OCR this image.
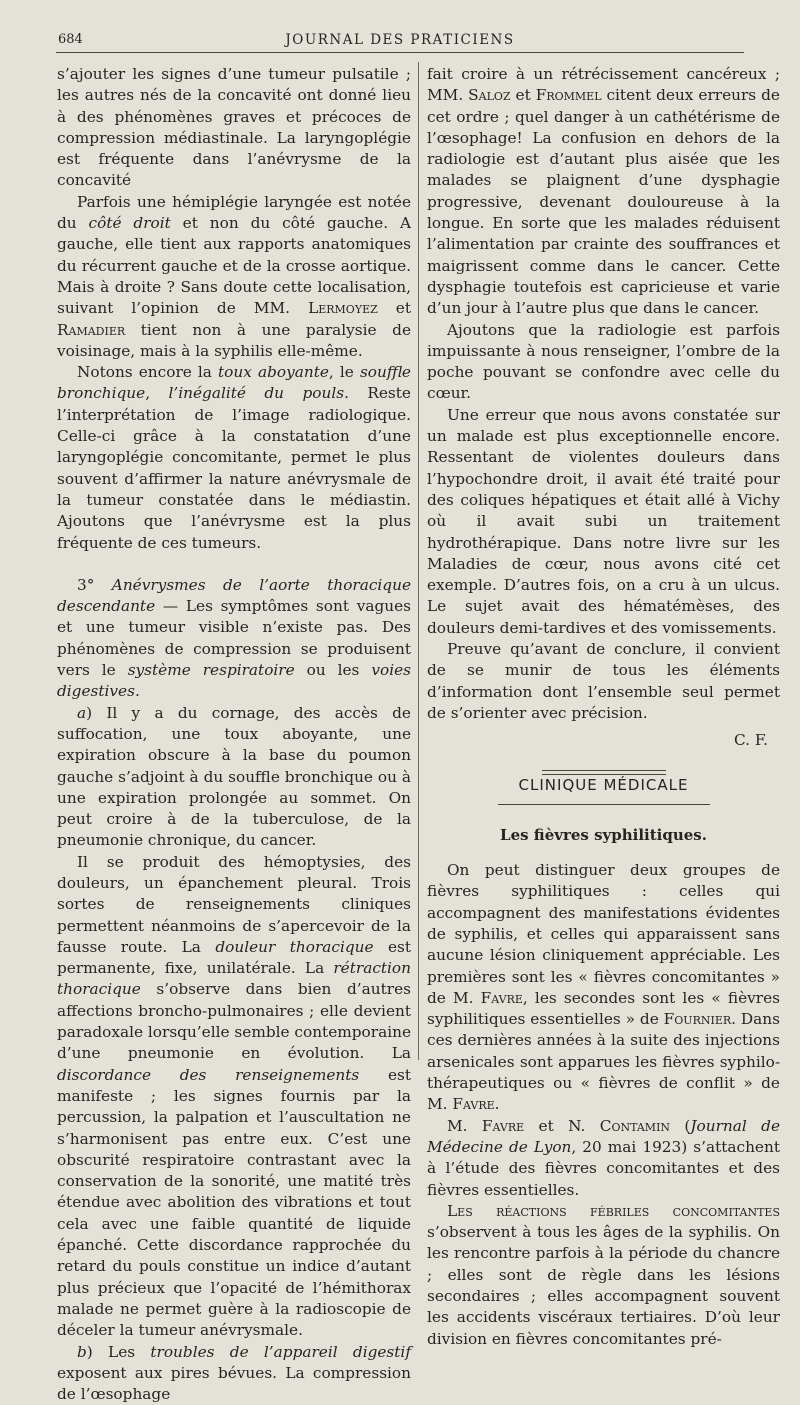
684	JOURNAL DES PRATICIENS

s’ajouter les signes d’une tumeur pulsatile ; les autres nés de la concavité ont donné lieu à des phénomènes graves et précoces de compression médiastinale. La laryngoplégie est fréquente dans l’anévrysme de la concavité

Parfois une hémiplégie laryngée est notée du côté droit et non du côté gauche. A gauche, elle tient aux rapports anatomiques du récurrent gauche et de la crosse aortique. Mais à droite ? Sans doute cette localisation, suivant l’opinion de MM. Lermoyez et Ramadier tient non à une paralysie de voisinage, mais à la syphilis elle-même.

Notons encore la toux aboyante, le souffle bronchique, l’inégalité du pouls. Reste l’interprétation de l’image radiologique. Celle-ci grâce à la constatation d’une laryngoplégie concomitante, permet le plus souvent d’affirmer la nature anévrysmale de la tumeur constatée dans le médiastin. Ajoutons que l’anévrysme est la plus fréquente de ces tumeurs.

3° Anévrysmes de l’aorte thoracique descendante — Les symptômes sont vagues et une tumeur visible n’existe pas. Des phénomènes de compression se produisent vers le système respiratoire ou les voies digestives.

a) Il y a du cornage, des accès de suffocation, une toux aboyante, une expiration obscure à la base du poumon gauche s’adjoint à du souffle bronchique ou à une expiration prolongée au sommet. On peut croire à de la tuberculose, de la pneumonie chronique, du cancer.

Il se produit des hémoptysies, des douleurs, un épanchement pleural. Trois sortes de renseignements cliniques permettent néanmoins de s’apercevoir de la fausse route. La douleur thoracique est permanente, fixe, unilatérale. La rétraction thoracique s’observe dans bien d’autres affections broncho-pulmonaires ; elle devient paradoxale lorsqu’elle semble contemporaine d’une pneumonie en évolution. La discordance des renseignements est manifeste ; les signes fournis par la percussion, la palpation et l’auscultation ne s’harmonisent pas entre eux. C’est une obscurité respiratoire contrastant avec la conservation de la sonorité, une matité très étendue avec abolition des vibrations et tout cela avec une faible quantité de liquide épanché. Cette discordance rapprochée du retard du pouls constitue un indice d’autant plus précieux que l’opacité de l’hémithorax malade ne permet guère à la radioscopie de déceler la tumeur anévrysmale.

b) Les troubles de l’appareil digestif exposent aux pires bévues. La compression de l’œsophage

fait croire à un rétrécissement cancéreux ; MM. Saloz et Frommel citent deux erreurs de cet ordre ; quel danger à un cathétérisme de l’œsophage! La confusion en dehors de la radiologie est d’autant plus aisée que les malades se plaignent d’une dysphagie progressive, devenant douloureuse à la longue. En sorte que les malades réduisent l’alimentation par crainte des souffrances et maigrissent comme dans le cancer. Cette dysphagie toutefois est capricieuse et varie d’un jour à l’autre plus que dans le cancer.

Ajoutons que la radiologie est parfois impuissante à nous renseigner, l’ombre de la poche pouvant se confondre avec celle du cœur.

Une erreur que nous avons constatée sur un malade est plus exceptionnelle encore. Ressentant de violentes douleurs dans l’hypochondre droit, il avait été traité pour des coliques hépatiques et était allé à Vichy où il avait subi un traitement hydrothérapique. Dans notre livre sur les Maladies de cœur, nous avons cité cet exemple. D’autres fois, on a cru à un ulcus. Le sujet avait des hématémèses, des douleurs demi-tardives et des vomissements.

Preuve qu’avant de conclure, il convient de se munir de tous les éléments d’information dont l’ensemble seul permet de s’orienter avec précision.

C. F.

CLINIQUE MÉDICALE

Les fièvres syphilitiques.

On peut distinguer deux groupes de fièvres syphilitiques : celles qui accompagnent des manifestations évidentes de syphilis, et celles qui apparaissent sans aucune lésion cliniquement appréciable. Les premières sont les « fièvres concomitantes » de M. Favre, les secondes sont les « fièvres syphilitiques essentielles » de Fournier. Dans ces dernières années à la suite des injections arsenicales sont apparues les fièvres syphilo-thérapeutiques ou « fièvres de conflit » de M. Favre.

M. Favre et N. Contamin (Journal de Médecine de Lyon, 20 mai 1923) s’attachent à l’étude des fièvres concomitantes et des fièvres essentielles.

Les réactions fébriles concomitantes s’observent à tous les âges de la syphilis. On les rencontre parfois à la période du chancre ; elles sont de règle dans les lésions secondaires ; elles accompagnent souvent les accidents viscéraux tertiaires. D’où leur division en fièvres concomitantes pré-
